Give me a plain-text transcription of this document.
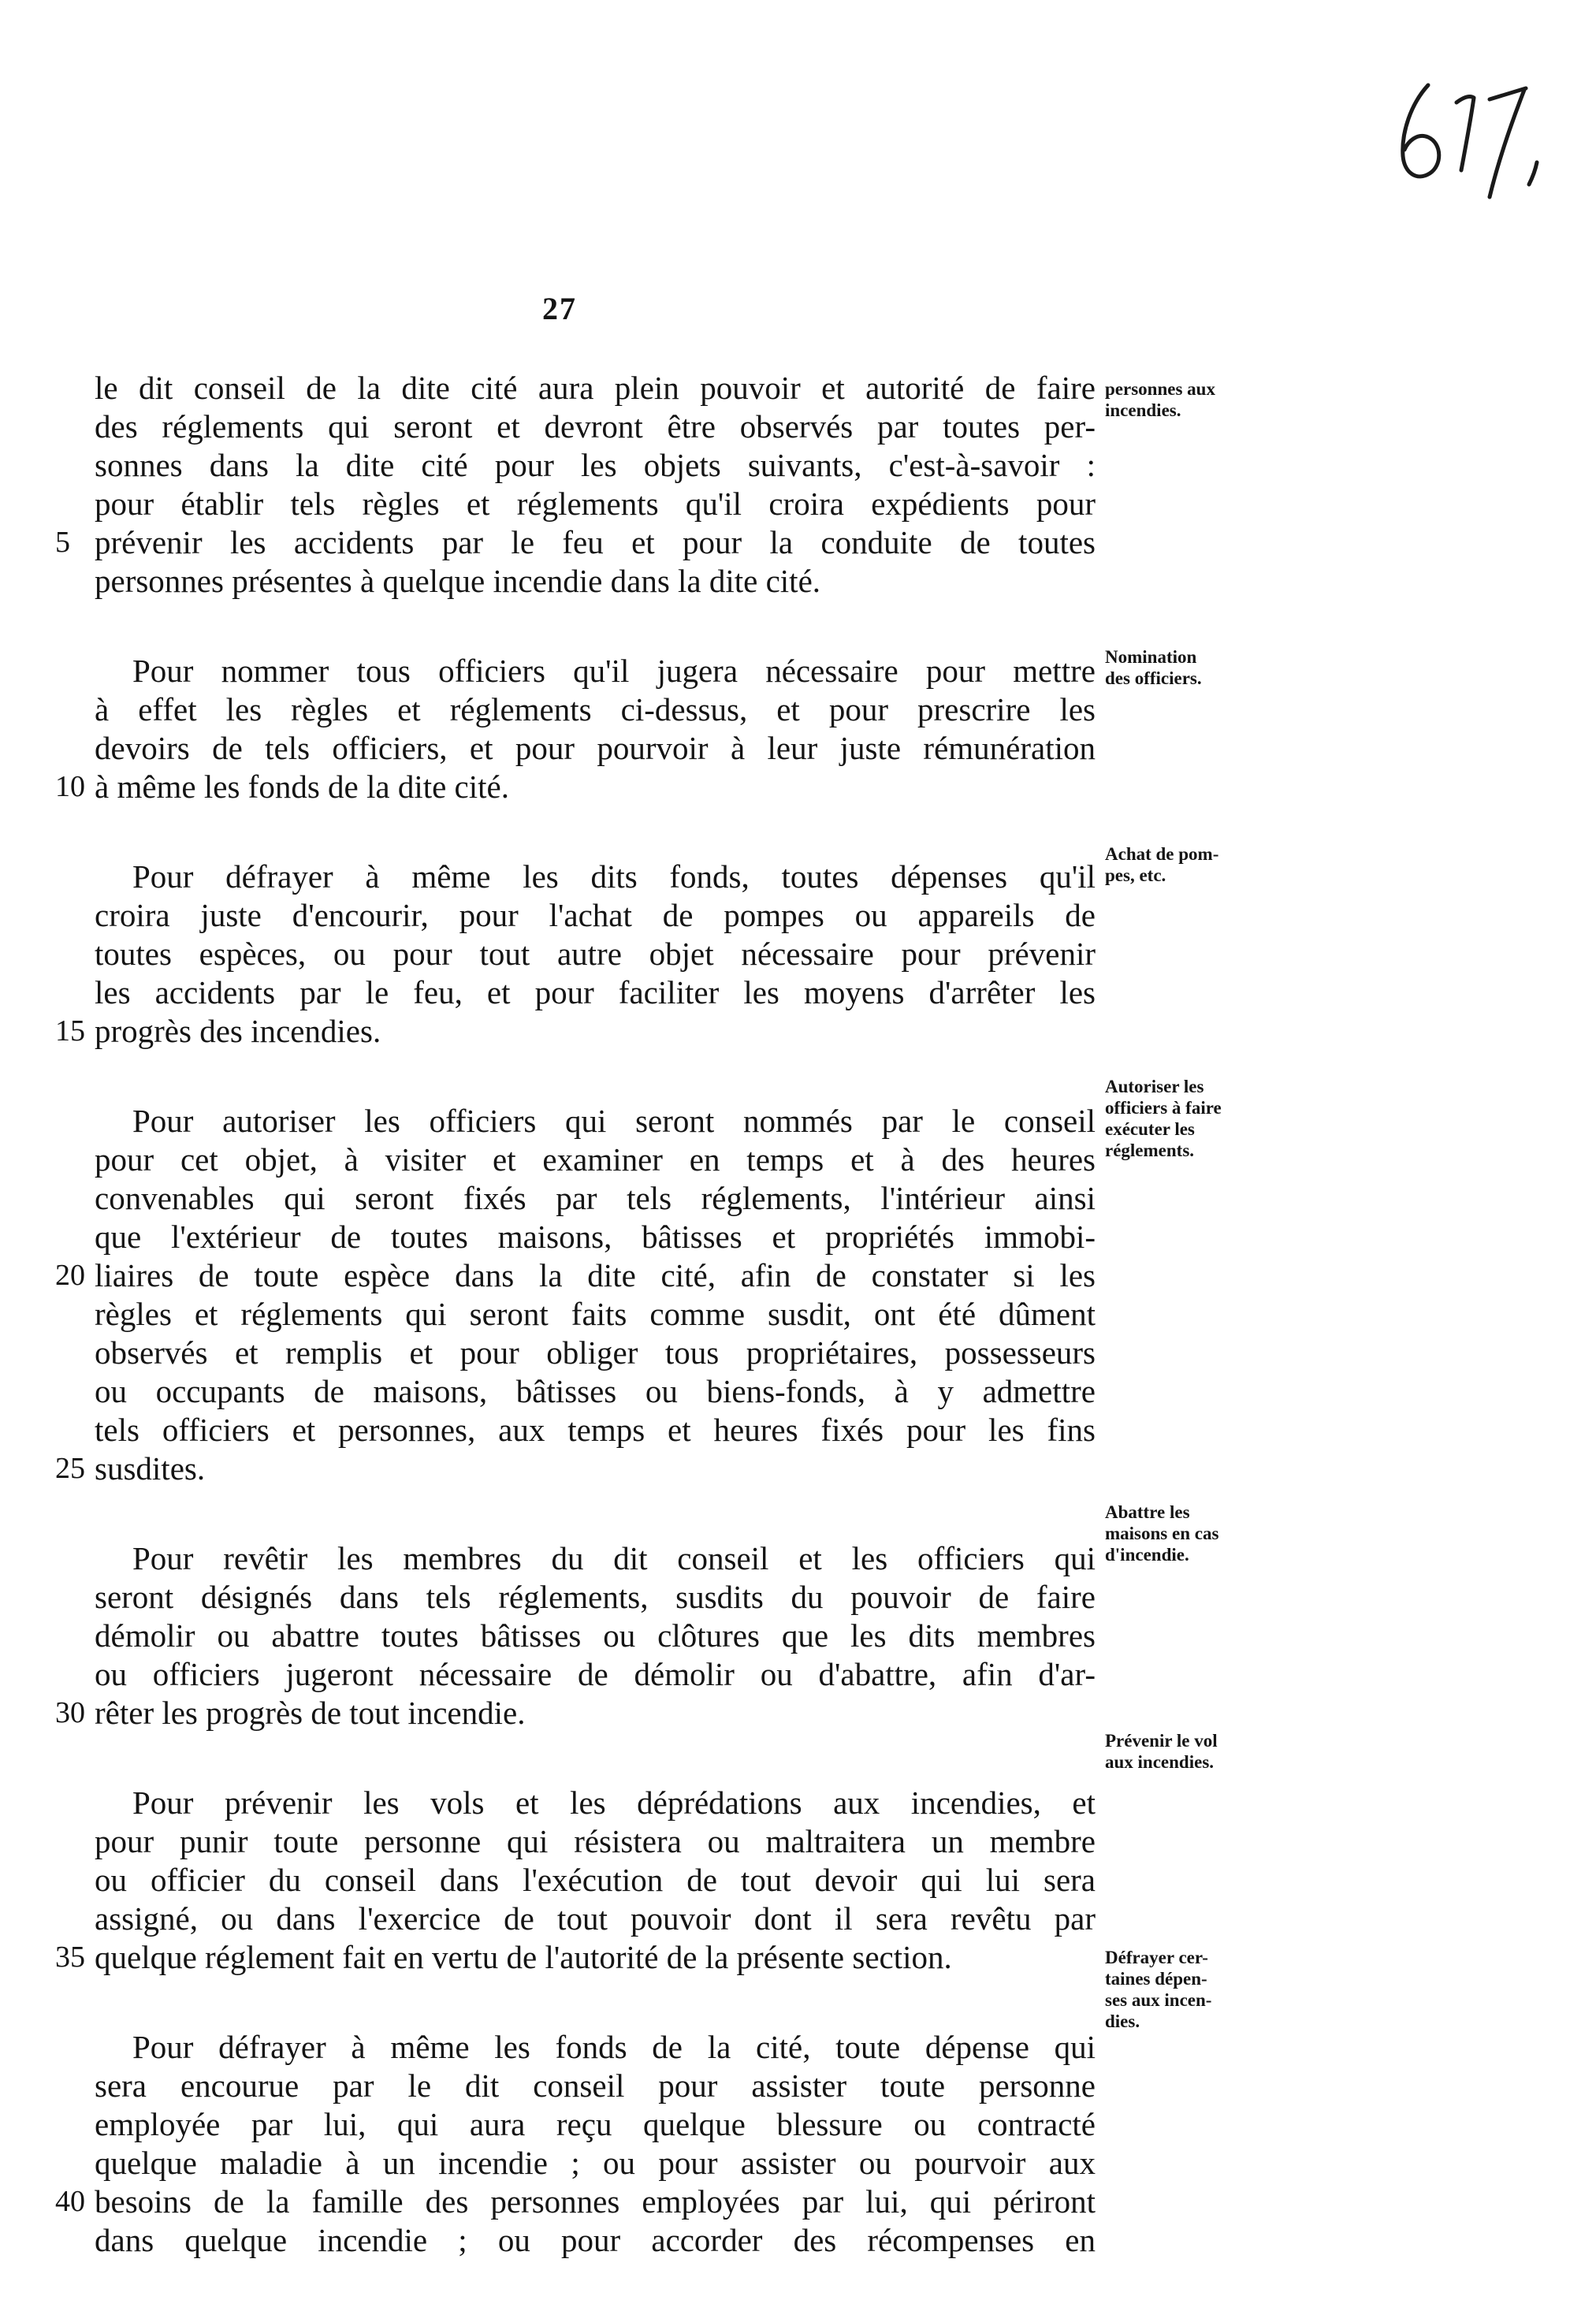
27
le dit conseil de la dite cité aura plein pouvoir et autorité de faire
des réglements qui seront et devront être observés par toutes per-
sonnes dans la dite cité pour les objets suivants, c'est-à-savoir :
pour établir tels règles et réglements qu'il croira expédients pour
5 prévenir les accidents par le feu et pour la conduite de toutes
personnes présentes à quelque incendie dans la dite cité.
Pour nommer tous officiers qu'il jugera nécessaire pour mettre
à effet les règles et réglements ci-dessus, et pour prescrire les
devoirs de tels officiers, et pour pourvoir à leur juste rémunération
10 à même les fonds de la dite cité.
Pour défrayer à même les dits fonds, toutes dépenses qu'il
croira juste d'encourir, pour l'achat de pompes ou appareils de
toutes espèces, ou pour tout autre objet nécessaire pour prévenir
les accidents par le feu, et pour faciliter les moyens d'arrêter les
15 progrès des incendies.
Pour autoriser les officiers qui seront nommés par le conseil
pour cet objet, à visiter et examiner en temps et à des heures
convenables qui seront fixés par tels réglements, l'intérieur ainsi
que l'extérieur de toutes maisons, bâtisses et propriétés immobi-
20 liaires de toute espèce dans la dite cité, afin de constater si les
règles et réglements qui seront faits comme susdit, ont été dûment
observés et remplis et pour obliger tous propriétaires, possesseurs
ou occupants de maisons, bâtisses ou biens-fonds, à y admettre
tels officiers et personnes, aux temps et heures fixés pour les fins
25 susdites.
Pour revêtir les membres du dit conseil et les officiers qui
seront désignés dans tels réglements, susdits du pouvoir de faire
démolir ou abattre toutes bâtisses ou clôtures que les dits membres
ou officiers jugeront nécessaire de démolir ou d'abattre, afin d'ar-
30 rêter les progrès de tout incendie.
Pour prévenir les vols et les déprédations aux incendies, et
pour punir toute personne qui résistera ou maltraitera un membre
ou officier du conseil dans l'exécution de tout devoir qui lui sera
assigné, ou dans l'exercice de tout pouvoir dont il sera revêtu par
35 quelque réglement fait en vertu de l'autorité de la présente section.
Pour défrayer à même les fonds de la cité, toute dépense qui
sera encourue par le dit conseil pour assister toute personne
employée par lui, qui aura reçu quelque blessure ou contracté
quelque maladie à un incendie ; ou pour assister ou pourvoir aux
40 besoins de la famille des personnes employées par lui, qui périront
dans quelque incendie ; ou pour accorder des récompenses en
personnes aux
incendies.
Nomination
des officiers.
Achat de pom-
pes, etc.
Autoriser les
officiers à faire
exécuter les
réglements.
Abattre les
maisons en cas
d'incendie.
Prévenir le vol
aux incendies.
Défrayer cer-
taines dépen-
ses aux incen-
dies.
